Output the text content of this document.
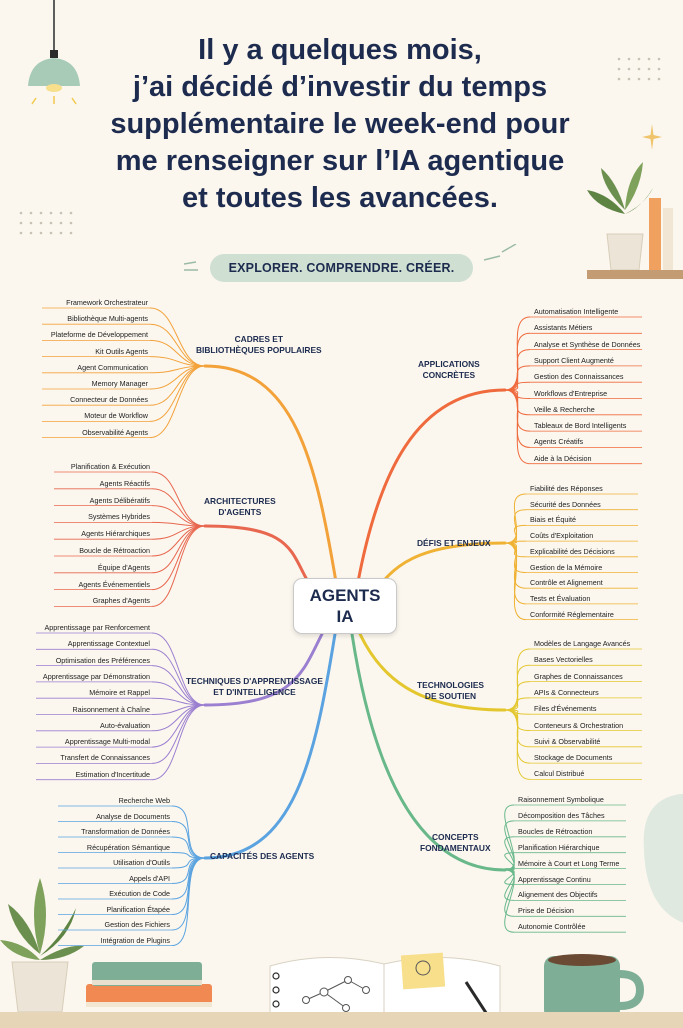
Il y a quelques mois,
j’ai décidé d’investir du temps
supplémentaire le week-end pour
me renseigner sur l’IA agentique
et toutes les avancées.
EXPLORER. COMPRENDRE. CRÉER.
CADRES ET
BIBLIOTHÈQUES POPULAIRES
Framework Orchestrateur
Bibliothèque Multi-agents
Plateforme de Développement
Kit Outils Agents
Agent Communication
Memory Manager
Connecteur de Données
Moteur de Workflow
Observabilité Agents
ARCHITECTURES
D'AGENTS
Planification & Exécution
Agents Réactifs
Agents Délibératifs
Systèmes Hybrides
Agents Hiérarchiques
Boucle de Rétroaction
Équipe d'Agents
Agents Événementiels
Graphes d'Agents
TECHNIQUES D'APPRENTISSAGE
ET D'INTELLIGENCE
Apprentissage par Renforcement
Apprentissage Contextuel
Optimisation des Préférences
Apprentissage par Démonstration
Mémoire et Rappel
Raisonnement à Chaîne
Auto-évaluation
Apprentissage Multi-modal
Transfert de Connaissances
Estimation d'Incertitude
CAPACITÉS DES AGENTS
Recherche Web
Analyse de Documents
Transformation de Données
Récupération Sémantique
Utilisation d'Outils
Appels d'API
Exécution de Code
Planification Étapée
Gestion des Fichiers
Intégration de Plugins
APPLICATIONS
CONCRÈTES
Automatisation Intelligente
Assistants Métiers
Analyse et Synthèse de Données
Support Client Augmenté
Gestion des Connaissances
Workflows d'Entreprise
Veille & Recherche
Tableaux de Bord Intelligents
Agents Créatifs
Aide à la Décision
DÉFIS ET ENJEUX
Fiabilité des Réponses
Sécurité des Données
Biais et Équité
Coûts d'Exploitation
Explicabilité des Décisions
Gestion de la Mémoire
Contrôle et Alignement
Tests et Évaluation
Conformité Réglementaire
TECHNOLOGIES
DE SOUTIEN
Modèles de Langage Avancés
Bases Vectorielles
Graphes de Connaissances
APIs & Connecteurs
Files d'Événements
Conteneurs & Orchestration
Suivi & Observabilité
Stockage de Documents
Calcul Distribué
CONCEPTS
FONDAMENTAUX
Raisonnement Symbolique
Décomposition des Tâches
Boucles de Rétroaction
Planification Hiérarchique
Mémoire à Court et Long Terme
Apprentissage Continu
Alignement des Objectifs
Prise de Décision
Autonomie Contrôlée
AGENTS
IA
